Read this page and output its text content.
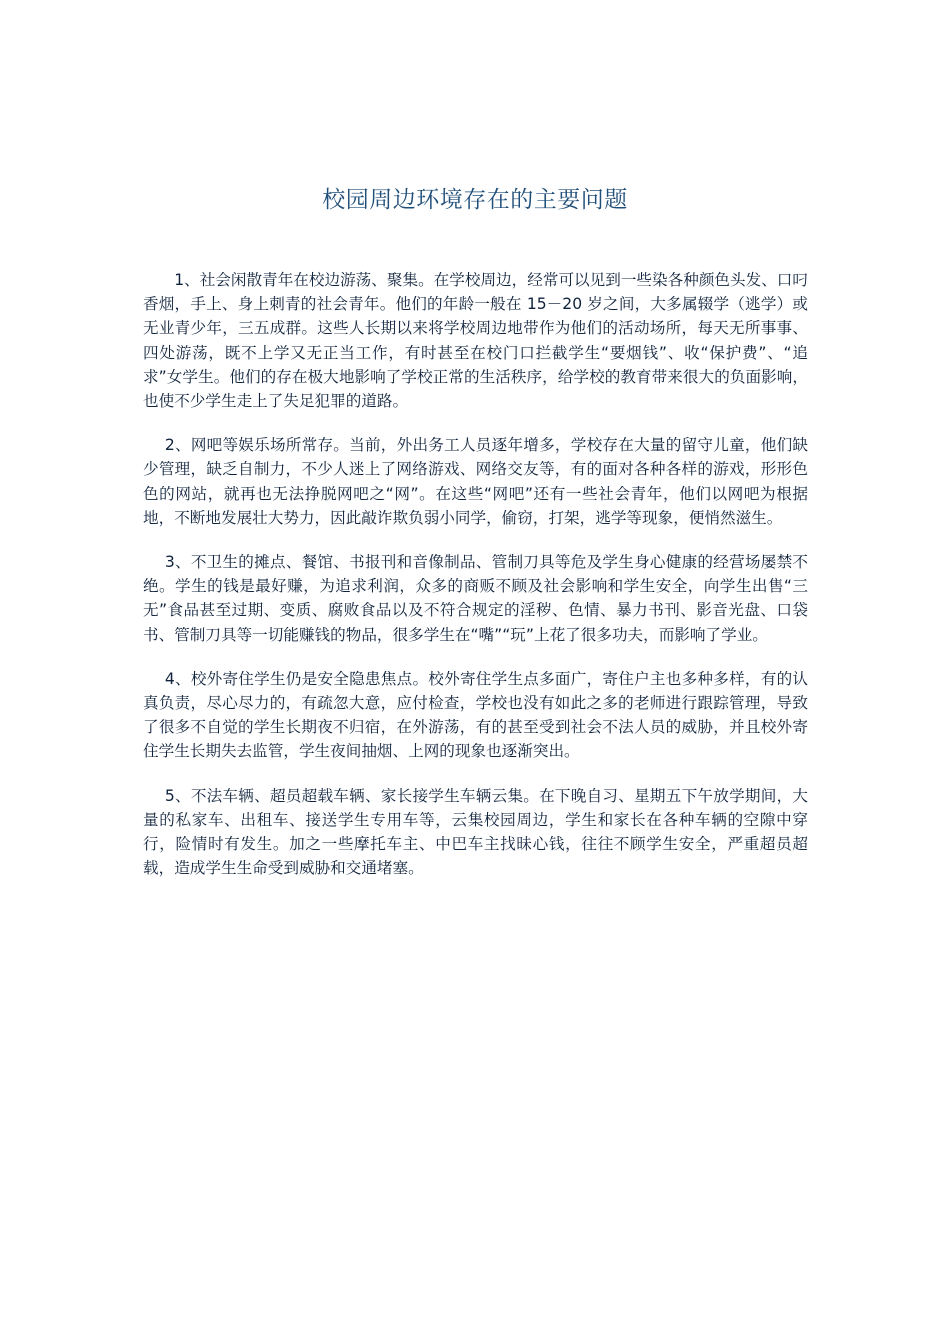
校园周边环境存在的主要问题

1、社会闲散青年在校边游荡、聚集。在学校周边，经常可以见到一些染各种颜色头发、口叼香烟，手上、身上刺青的社会青年。他们的年龄一般在 15－20 岁之间，大多属辍学（逃学）或无业青少年，三五成群。这些人长期以来将学校周边地带作为他们的活动场所，每天无所事事、四处游荡，既不上学又无正当工作，有时甚至在校门口拦截学生“要烟钱”、收“保护费”、“追求”女学生。他们的存在极大地影响了学校正常的生活秩序，给学校的教育带来很大的负面影响，也使不少学生走上了失足犯罪的道路。

2、网吧等娱乐场所常存。当前，外出务工人员逐年增多，学校存在大量的留守儿童，他们缺少管理，缺乏自制力，不少人迷上了网络游戏、网络交友等，有的面对各种各样的游戏，形形色色的网站，就再也无法挣脱网吧之“网”。在这些“网吧”还有一些社会青年，他们以网吧为根据地，不断地发展壮大势力，因此敲诈欺负弱小同学，偷窃，打架，逃学等现象，便悄然滋生。

3、不卫生的摊点、餐馆、书报刊和音像制品、管制刀具等危及学生身心健康的经营场屡禁不绝。学生的钱是最好赚，为追求利润，众多的商贩不顾及社会影响和学生安全，向学生出售“三无”食品甚至过期、变质、腐败食品以及不符合规定的淫秽、色情、暴力书刊、影音光盘、口袋书、管制刀具等一切能赚钱的物品，很多学生在“嘴”“玩”上花了很多功夫，而影响了学业。

4、校外寄住学生仍是安全隐患焦点。校外寄住学生点多面广，寄住户主也多种多样，有的认真负责，尽心尽力的，有疏忽大意，应付检查，学校也没有如此之多的老师进行跟踪管理，导致了很多不自觉的学生长期夜不归宿，在外游荡，有的甚至受到社会不法人员的威胁，并且校外寄住学生长期失去监管，学生夜间抽烟、上网的现象也逐渐突出。

5、不法车辆、超员超载车辆、家长接学生车辆云集。在下晚自习、星期五下午放学期间，大量的私家车、出租车、接送学生专用车等，云集校园周边，学生和家长在各种车辆的空隙中穿行，险情时有发生。加之一些摩托车主、中巴车主找昧心钱，往往不顾学生安全，严重超员超载，造成学生生命受到威胁和交通堵塞。
